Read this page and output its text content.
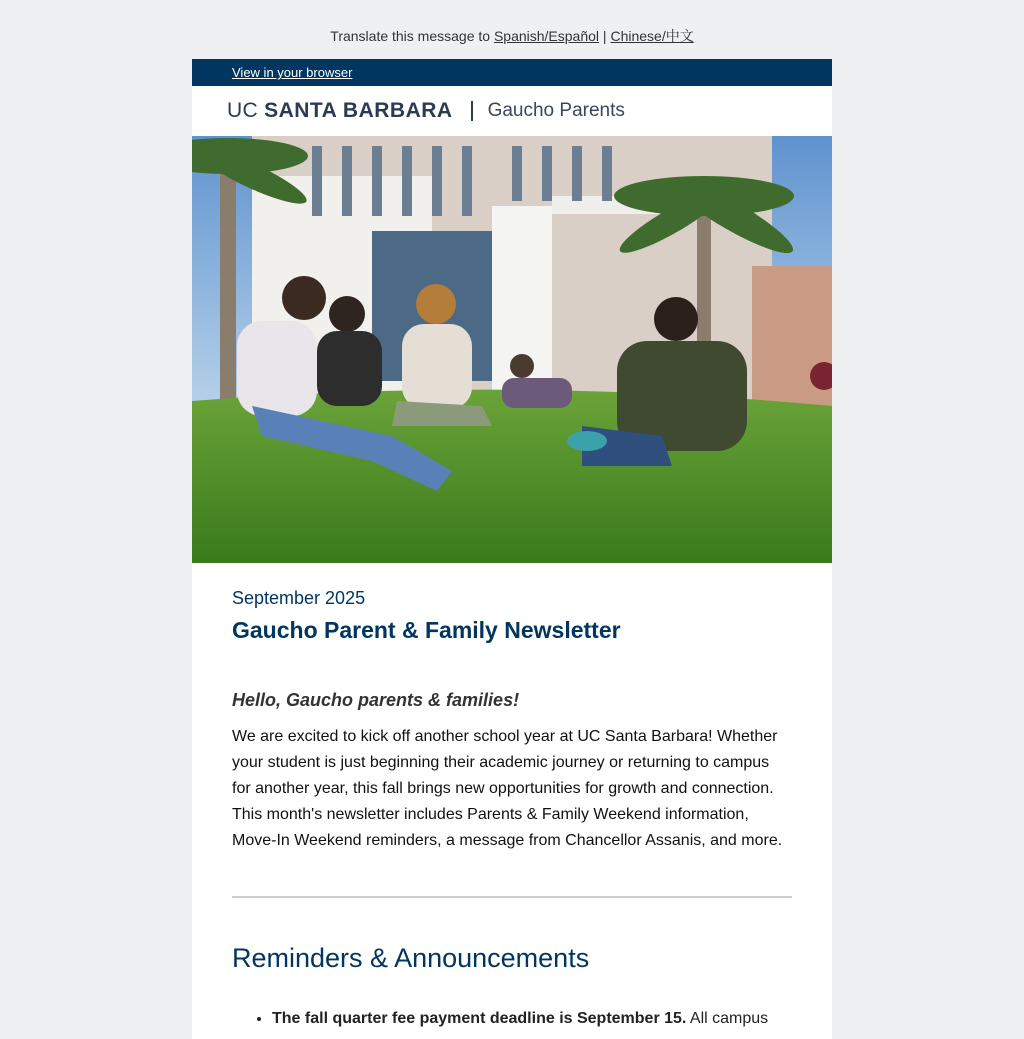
Translate this message to Spanish/Español | Chinese/中文
View in your browser
UC SANTA BARBARA Gaucho Parents
September 2025
Gaucho Parent & Family Newsletter
Hello, Gaucho parents & families!
We are excited to kick off another school year at UC Santa Barbara! Whether your student is just beginning their academic journey or returning to campus for another year, this fall brings new opportunities for growth and connection. This month's newsletter includes Parents & Family Weekend information, Move-In Weekend reminders, a message from Chancellor Assanis, and more.
Reminders & Announcements
• The fall quarter fee payment deadline is September 15. All campus
